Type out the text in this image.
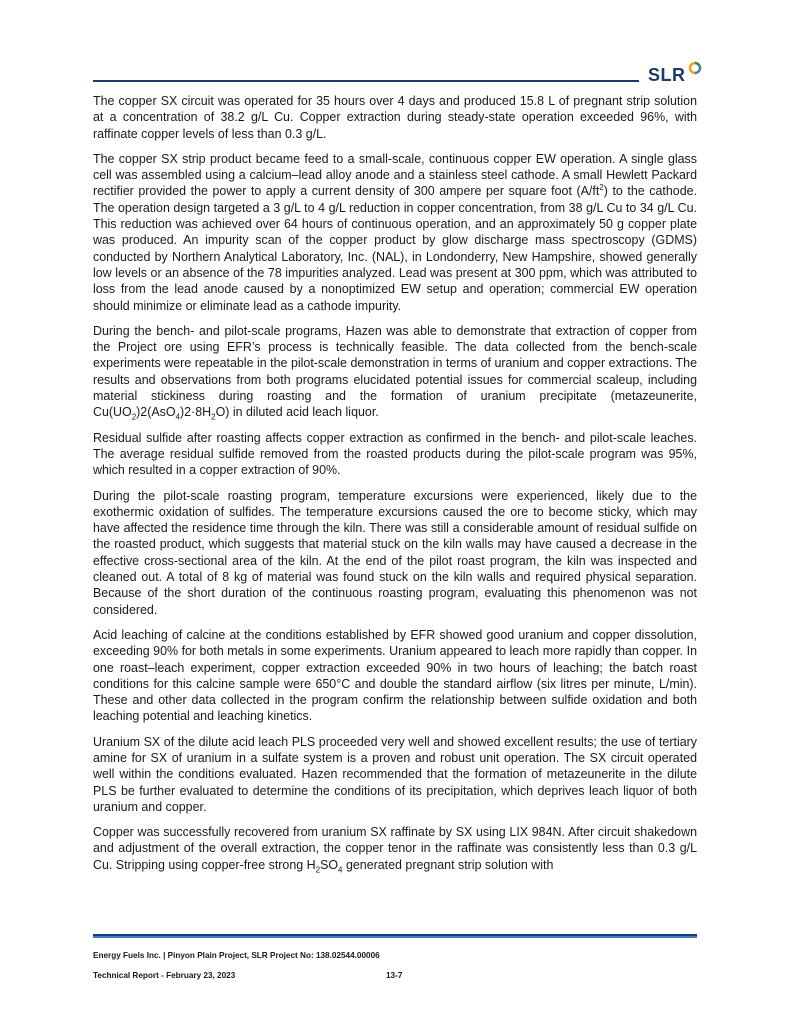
SLR

The copper SX circuit was operated for 35 hours over 4 days and produced 15.8 L of pregnant strip solution at a concentration of 38.2 g/L Cu. Copper extraction during steady-state operation exceeded 96%, with raffinate copper levels of less than 0.3 g/L.

The copper SX strip product became feed to a small-scale, continuous copper EW operation. A single glass cell was assembled using a calcium–lead alloy anode and a stainless steel cathode. A small Hewlett Packard rectifier provided the power to apply a current density of 300 ampere per square foot $(A/ft^2)$ to the cathode. The operation design targeted a 3 g/L to 4 g/L reduction in copper concentration, from 38 g/L Cu to 34 g/L Cu. This reduction was achieved over 64 hours of continuous operation, and an approximately 50 g copper plate was produced. An impurity scan of the copper product by glow discharge mass spectroscopy (GDMS) conducted by Northern Analytical Laboratory, Inc. (NAL), in Londonderry, New Hampshire, showed generally low levels or an absence of the 78 impurities analyzed. Lead was present at 300 ppm, which was attributed to loss from the lead anode caused by a nonoptimized EW setup and operation; commercial EW operation should minimize or eliminate lead as a cathode impurity.

During the bench- and pilot-scale programs, Hazen was able to demonstrate that extraction of copper from the Project ore using EFR’s process is technically feasible. The data collected from the bench-scale experiments were repeatable in the pilot-scale demonstration in terms of uranium and copper extractions. The results and observations from both programs elucidated potential issues for commercial scaleup, including material stickiness during roasting and the formation of uranium precipitate (metazeunerite, $Cu(UO_2)2(AsO_4)2\cdot 8H_2O$) in diluted acid leach liquor.

Residual sulfide after roasting affects copper extraction as confirmed in the bench- and pilot-scale leaches. The average residual sulfide removed from the roasted products during the pilot-scale program was 95%, which resulted in a copper extraction of 90%.

During the pilot-scale roasting program, temperature excursions were experienced, likely due to the exothermic oxidation of sulfides. The temperature excursions caused the ore to become sticky, which may have affected the residence time through the kiln. There was still a considerable amount of residual sulfide on the roasted product, which suggests that material stuck on the kiln walls may have caused a decrease in the effective cross-sectional area of the kiln. At the end of the pilot roast program, the kiln was inspected and cleaned out. A total of 8 kg of material was found stuck on the kiln walls and required physical separation. Because of the short duration of the continuous roasting program, evaluating this phenomenon was not considered.

Acid leaching of calcine at the conditions established by EFR showed good uranium and copper dissolution, exceeding 90% for both metals in some experiments. Uranium appeared to leach more rapidly than copper. In one roast–leach experiment, copper extraction exceeded 90% in two hours of leaching; the batch roast conditions for this calcine sample were 650°C and double the standard airflow (six litres per minute, L/min). These and other data collected in the program confirm the relationship between sulfide oxidation and both leaching potential and leaching kinetics.

Uranium SX of the dilute acid leach PLS proceeded very well and showed excellent results; the use of tertiary amine for SX of uranium in a sulfate system is a proven and robust unit operation. The SX circuit operated well within the conditions evaluated. Hazen recommended that the formation of metazeunerite in the dilute PLS be further evaluated to determine the conditions of its precipitation, which deprives leach liquor of both uranium and copper.

Copper was successfully recovered from uranium SX raffinate by SX using LIX 984N. After circuit shakedown and adjustment of the overall extraction, the copper tenor in the raffinate was consistently less than 0.3 g/L Cu. Stripping using copper-free strong $H_2SO_4$ generated pregnant strip solution with

Energy Fuels Inc. | Pinyon Plain Project, SLR Project No: 138.02544.00006
Technical Report - February 23, 2023	13-7
